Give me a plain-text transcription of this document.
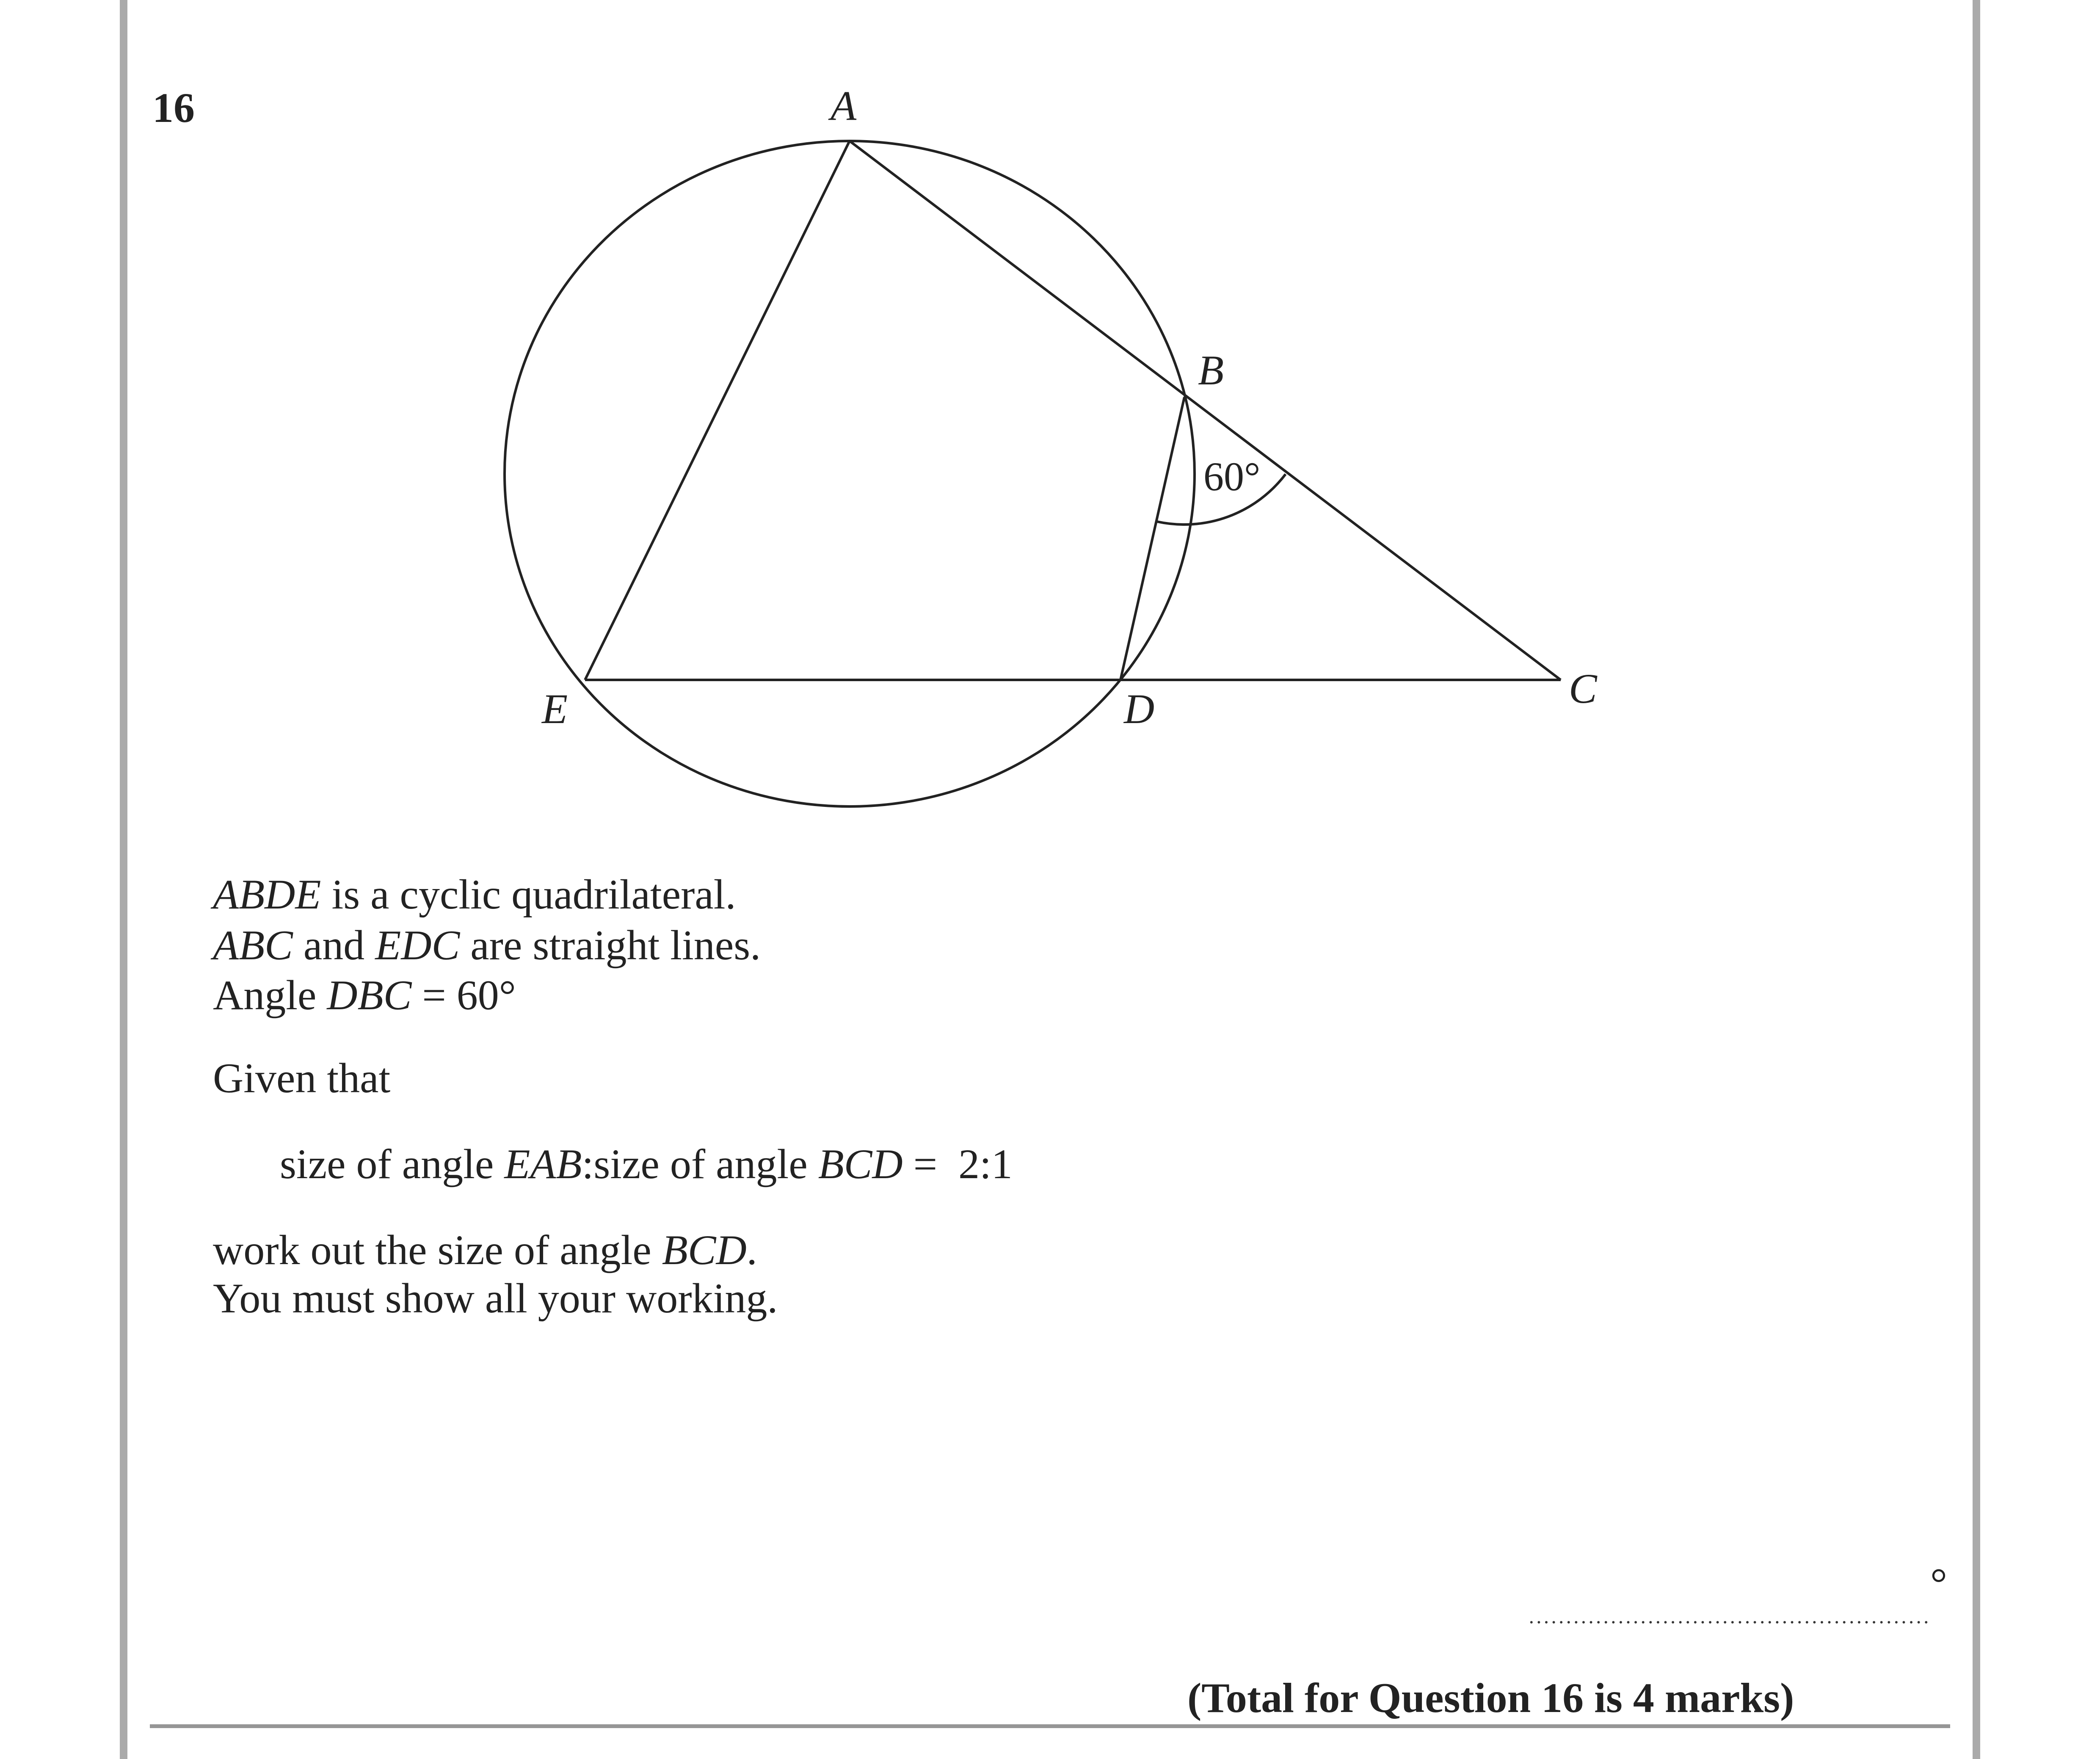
16	A
B
C
D
E
60°
ABDE is a cyclic quadrilateral.
ABC and EDC are straight lines.
Angle DBC = 60°
Given that
size of angle EAB:size of angle BCD =  2:1
work out the size of angle BCD.
You must show all your working.
°
(Total for Question 16 is 4 marks)
